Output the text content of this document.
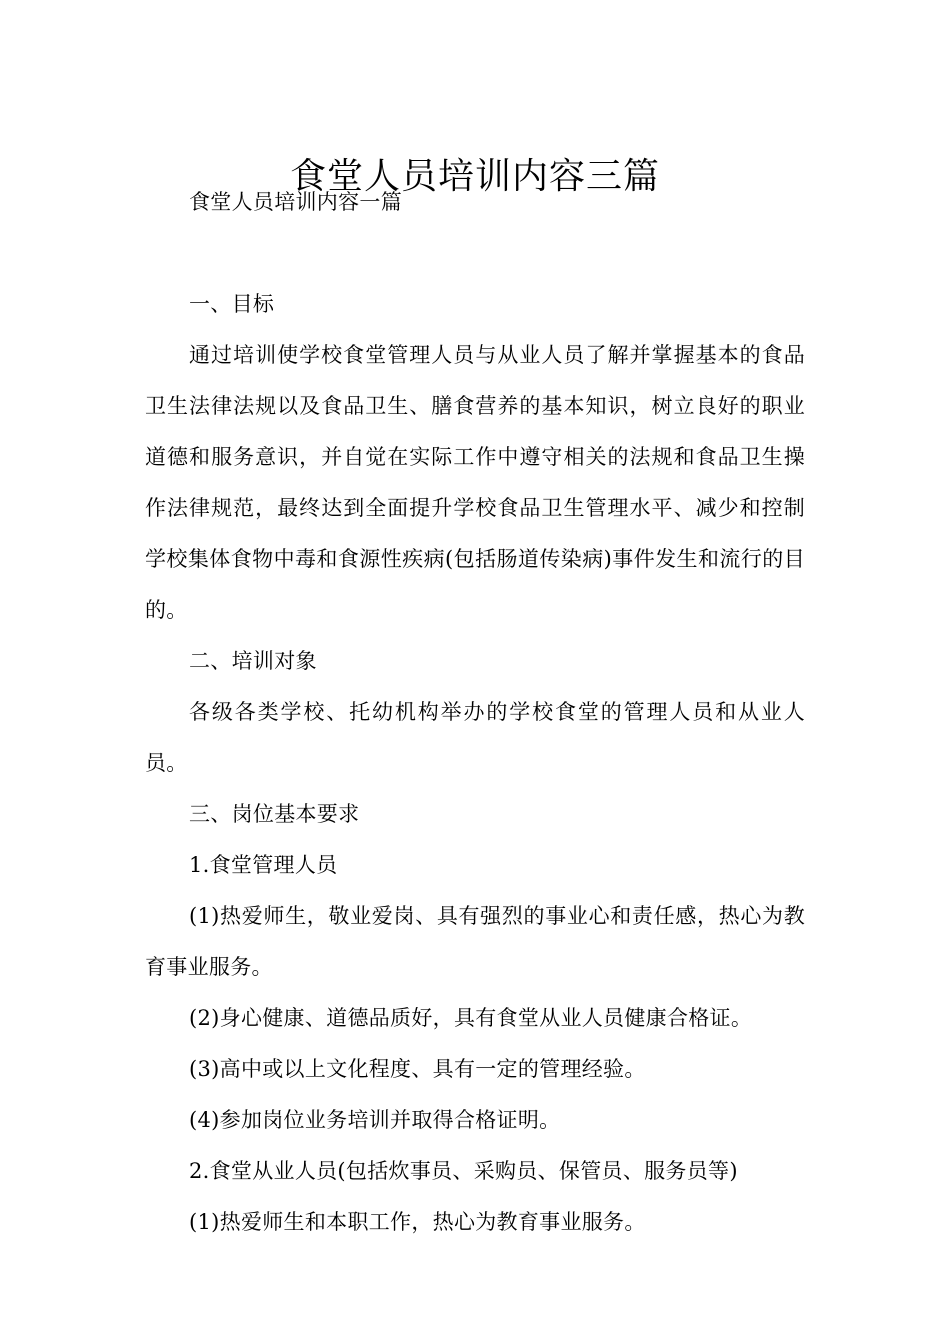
食堂人员培训内容三篇

食堂人员培训内容一篇

一、目标

通过培训使学校食堂管理人员与从业人员了解并掌握基本的食品卫生法律法规以及食品卫生、膳食营养的基本知识，树立良好的职业道德和服务意识，并自觉在实际工作中遵守相关的法规和食品卫生操作法律规范，最终达到全面提升学校食品卫生管理水平、减少和控制学校集体食物中毒和食源性疾病(包括肠道传染病)事件发生和流行的目的。

二、培训对象

各级各类学校、托幼机构举办的学校食堂的管理人员和从业人员。

三、岗位基本要求

1.食堂管理人员

(1)热爱师生，敬业爱岗、具有强烈的事业心和责任感，热心为教育事业服务。

(2)身心健康、道德品质好，具有食堂从业人员健康合格证。

(3)高中或以上文化程度、具有一定的管理经验。

(4)参加岗位业务培训并取得合格证明。

2.食堂从业人员(包括炊事员、采购员、保管员、服务员等)

(1)热爱师生和本职工作，热心为教育事业服务。
